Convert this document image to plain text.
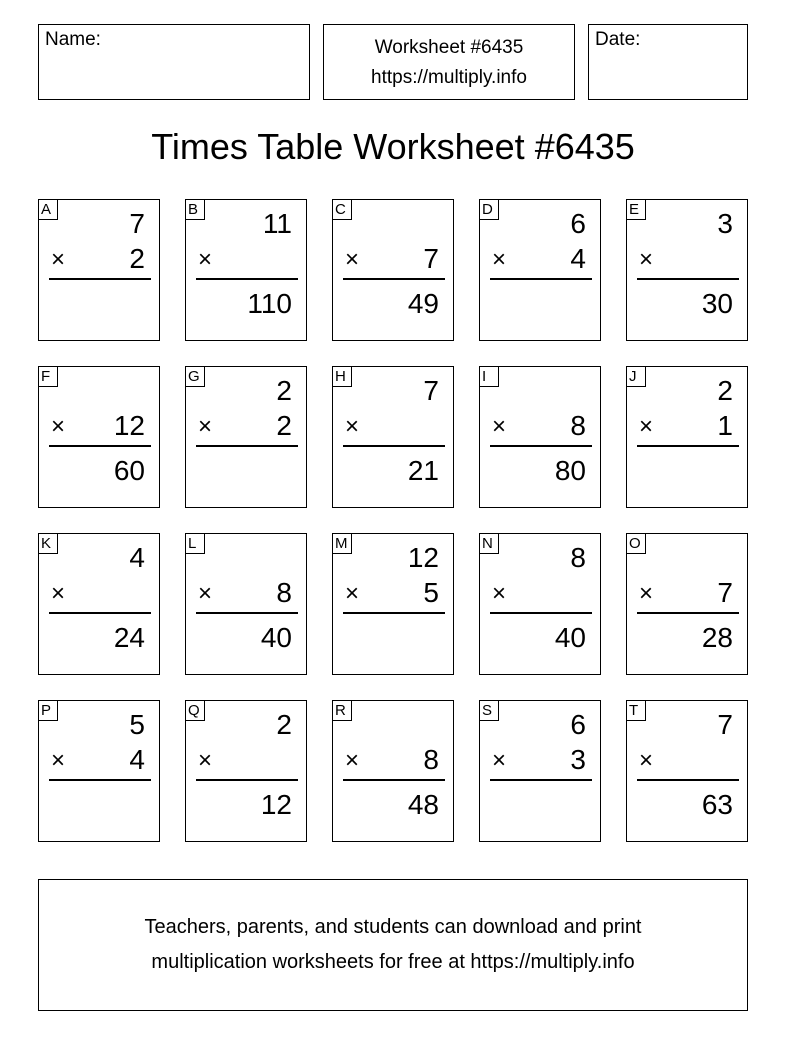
Name:	Worksheet #6435
https://multiply.info
Date:
Times Table Worksheet #6435
A	7
× 2
B 11
×
110
C
× 7
49
D	6
× 4
E	3
×
30
F
× 12
60
G	2
× 2
H	7
×
21
I
× 8
80
J	2
× 1
K	4
×
24
L
× 8
40
M 12
× 5
N	8
×
40
O
× 7
28
P	5
× 4
Q	2
×
12
R
× 8
48
S	6
× 3
T	7
×
63
Teachers, parents, and students can download and print
multiplication worksheets for free at https://multiply.info
